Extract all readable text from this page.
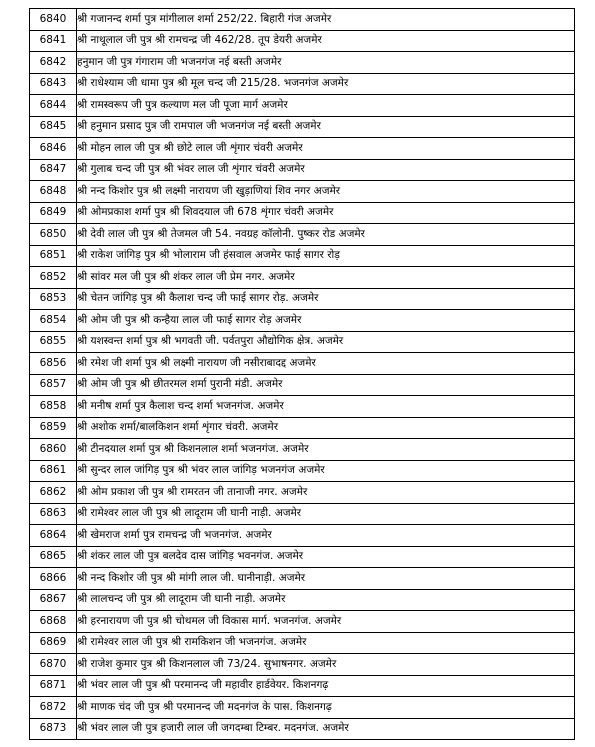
6840	श्री गजानन्द शर्मा पुत्र मांगीलाल शर्मा 252/22. बिहारी गंज अजमेर
6841	श्री नाथूलाल जी पुत्र श्री रामचन्द्र जी 462/28. तूप डेयरी अजमेर
6842	हनुमान जी पुत्र गंगाराम जी भजनगंज नई बस्ती अजमेर
6843	श्री राधेश्याम जी धामा पुत्र श्री मूल चन्द जी 215/28. भजनगंज अजमेर
6844	श्री रामस्वरूप जी पुत्र कल्याण मल जी पूजा मार्ग अजमेर
6845	श्री हनुमान प्रसाद पुत्र जी रामपाल जी भजनगंज नई बस्ती अजमेर
6846	श्री मोहन लाल जी पुत्र श्री छोटे लाल जी शृंगार चंवरी अजमेर
6847	श्री गुलाब चन्द जी पुत्र श्री भंवर लाल जी शृंगार चंवरी अजमेर
6848	श्री नन्द किशोर पुत्र श्री लक्ष्मी नारायण जी खुड़ाणियां शिव नगर अजमेर
6849	श्री ओमप्रकाश शर्मा पुत्र श्री शिवदयाल जी 678 शृंगार चंवरी अजमेर
6850	श्री देवी लाल जी पुत्र श्री तेजमल जी 54. नवग्रह कॉलोनी. पुष्कर रोड अजमेर
6851	श्री राकेश जांगिड़ पुत्र श्री भोलाराम जी हंसवाल अजमेर फाई सागर रोड़
6852	श्री सांवर मल जी पुत्र श्री शंकर लाल जी प्रेम नगर. अजमेर
6853	श्री चेतन जांगिड़ पुत्र श्री कैलाश चन्द जी फाई सागर रोड़. अजमेर
6854	श्री ओम जी पुत्र श्री कन्हैया लाल जी फाई सागर रोड़ अजमेर
6855	श्री यशस्वन्त शर्मा पुत्र श्री भगवती जी. पर्वतपुरा औद्योगिक क्षेत्र. अजमेर
6856	श्री रमेश जी शर्मा पुत्र श्री लक्ष्मी नारायण जी नसीराबादद्द अजमेर
6857	श्री ओम जी पुत्र श्री छीतरमल शर्मा पुरानी मंडी. अजमेर
6858	श्री मनीष शर्मा पुत्र कैलाश चन्द शर्मा भजनगंज. अजमेर
6859	श्री अशोक शर्मा/बालकिशन शर्मा शृंगार चंवरी. अजमेर
6860	श्री टीनदयाल शर्मा पुत्र श्री किशनलाल शर्मा भजनगंज. अजमेर
6861	श्री सुन्दर लाल जांगिड़ पुत्र श्री भंवर लाल जांगिड़ भजनगंज अजमेर
6862	श्री ओम प्रकाश जी पुत्र श्री रामरतन जी तानाजी नगर. अजमेर
6863	श्री रामेश्वर लाल जी पुत्र श्री लादूराम जी घानी नाड़ी. अजमेर
6864	श्री खेमराज शर्मा पुत्र रामचन्द्र जी भजनगंज. अजमेर
6865	श्री शंकर लाल जी पुत्र बलदेव दास जांगिड़ भवनगंज. अजमेर
6866	श्री नन्द किशोर जी पुत्र श्री मांगी लाल जी. घानीनाड़ी. अजमेर
6867	श्री लालचन्द जी पुत्र श्री लादूराम जी घानी नाड़ी. अजमेर
6868	श्री हरनारायण जी पुत्र श्री चोथमल जी विकास मार्ग. भजनगंज. अजमेर
6869	श्री रामेश्वर लाल जी पुत्र श्री रामकिशन जी भजनगंज. अजमेर
6870	श्री राजेश कुमार पुत्र श्री किशनलाल जी 73/24. सुभाषनगर. अजमेर
6871	श्री भंवर लाल जी पुत्र श्री परमानन्द जी महावीर हार्डवेयर. किशनगढ़
6872	श्री माणक चंद जी पुत्र श्री परमानन्द जी मदनगंज के पास. किशनगढ़
6873	श्री भंवर लाल जी पुत्र हजारी लाल जी जगदम्बा टिम्बर. मदनगंज. अजमेर
